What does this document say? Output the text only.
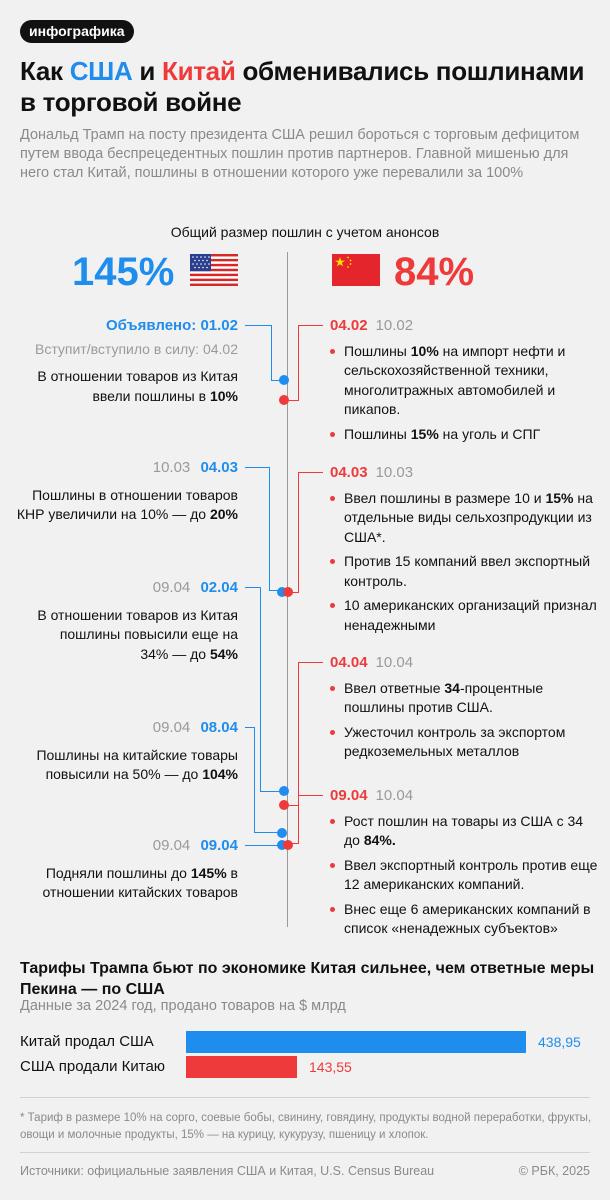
инфографика
Как США и Китай обменивались пошлинами в торговой войне
Дональд Трамп на посту президента США решил бороться с торговым дефицитом путем ввода беспрецедентных пошлин против партнеров. Главной мишенью для него стал Китай, пошлины в отношении которого уже перевалили за 100%
Общий размер пошлин с учетом анонсов
145%	84%
Объявлено: 01.02
Вступит/вступило в силу: 04.02
В отношении товаров из Китая ввели пошлины в 10%
10.03 04.03
Пошлины в отношении товаров КНР увеличили на 10% — до 20%
09.04 02.04
В отношении товаров из Китая пошлины повысили еще на 34% — до 54%
09.04 08.04
Пошлины на китайские товары повысили на 50% — до 104%
09.04 09.04
Подняли пошлины до 145% в отношении китайских товаров
04.02 10.02
Пошлины 10% на импорт нефти и сельскохозяйственной техники, многолитражных автомобилей и пикапов.
Пошлины 15% на уголь и СПГ
04.03 10.03
Ввел пошлины в размере 10 и 15% на отдельные виды сельхозпродукции из США*.
Против 15 компаний ввел экспортный контроль.
10 американских организаций признал ненадежными
04.04 10.04
Ввел ответные 34-процентные пошлины против США.
Ужесточил контроль за экспортом редкоземельных металлов
09.04 10.04
Рост пошлин на товары из США с 34 до 84%.
Ввел экспортный контроль против еще 12 американских компаний.
Внес еще 6 американских компаний в список «ненадежных субъектов»
Тарифы Трампа бьют по экономике Китая сильнее, чем ответные меры Пекина — по США
Данные за 2024 год, продано товаров на $ млрд
Китай продал США	438,95
США продали Китаю	143,55
* Тариф в размере 10% на сорго, соевые бобы, свинину, говядину, продукты водной переработки, фрукты, овощи и молочные продукты, 15% — на курицу, кукурузу, пшеницу и хлопок.
Источники: официальные заявления США и Китая, U.S. Census Bureau	© РБК, 2025
